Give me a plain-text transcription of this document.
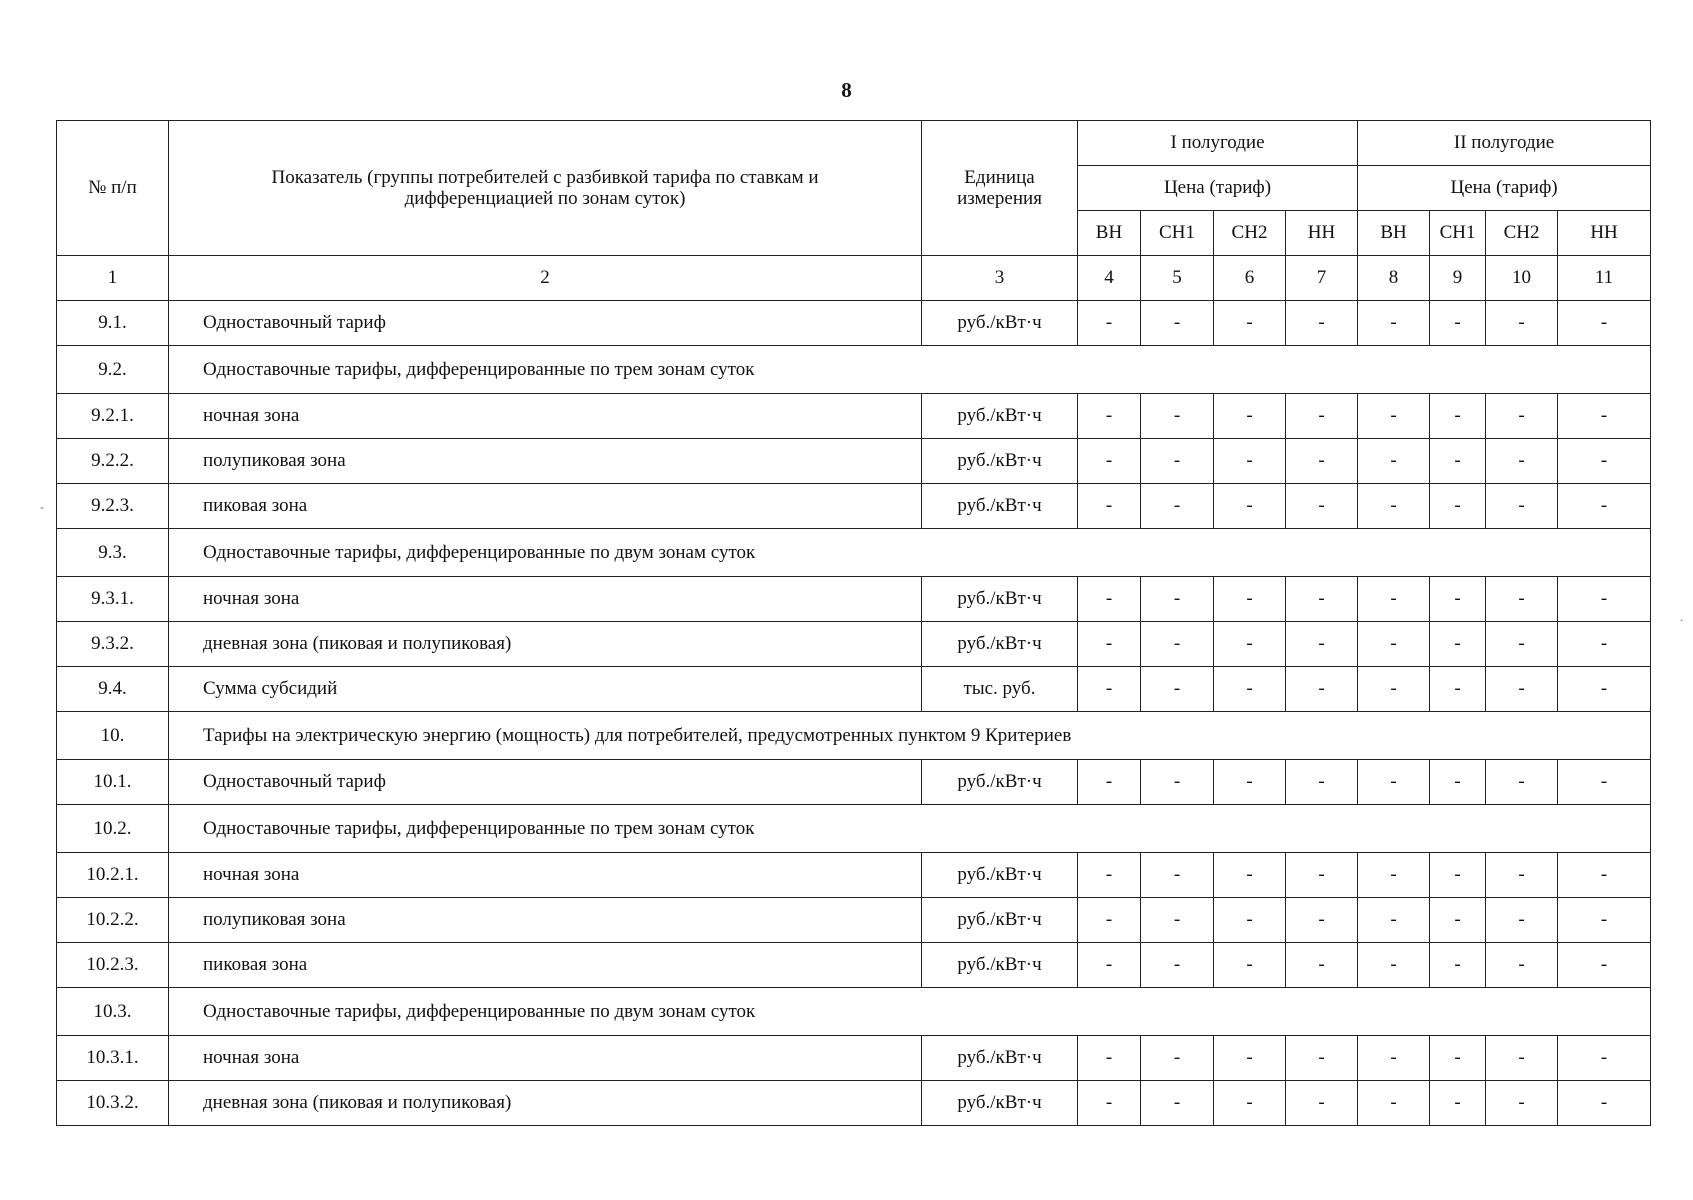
8
№ п/п	Показатель (группы потребителей с разбивкой тарифа по ставкам и дифференциацией по зонам суток)	Единица измерения	I полугодие				II полугодие			
			Цена (тариф)				Цена (тариф)			
			ВН	СН1	СН2	НН	ВН	СН1	СН2	НН
1	2	3	4	5	6	7	8	9	10	11
9.1.	Одноставочный тариф	руб./кВт·ч	-	-	-	-	-	-	-	-
9.2.	Одноставочные тарифы, дифференцированные по трем зонам суток									
9.2.1.	ночная зона	руб./кВт·ч	-	-	-	-	-	-	-	-
9.2.2.	полупиковая зона	руб./кВт·ч	-	-	-	-	-	-	-	-
9.2.3.	пиковая зона	руб./кВт·ч	-	-	-	-	-	-	-	-
9.3.	Одноставочные тарифы, дифференцированные по двум зонам суток									
9.3.1.	ночная зона	руб./кВт·ч	-	-	-	-	-	-	-	-
9.3.2.	дневная зона (пиковая и полупиковая)	руб./кВт·ч	-	-	-	-	-	-	-	-
9.4.	Сумма субсидий	тыс. руб.	-	-	-	-	-	-	-	-
10.	Тарифы на электрическую энергию (мощность) для потребителей, предусмотренных пунктом 9 Критериев									
10.1.	Одноставочный тариф	руб./кВт·ч	-	-	-	-	-	-	-	-
10.2.	Одноставочные тарифы, дифференцированные по трем зонам суток									
10.2.1.	ночная зона	руб./кВт·ч	-	-	-	-	-	-	-	-
10.2.2.	полупиковая зона	руб./кВт·ч	-	-	-	-	-	-	-	-
10.2.3.	пиковая зона	руб./кВт·ч	-	-	-	-	-	-	-	-
10.3.	Одноставочные тарифы, дифференцированные по двум зонам суток									
10.3.1.	ночная зона	руб./кВт·ч	-	-	-	-	-	-	-	-
10.3.2.	дневная зона (пиковая и полупиковая)	руб./кВт·ч	-	-	-	-	-	-	-	-
-
.
